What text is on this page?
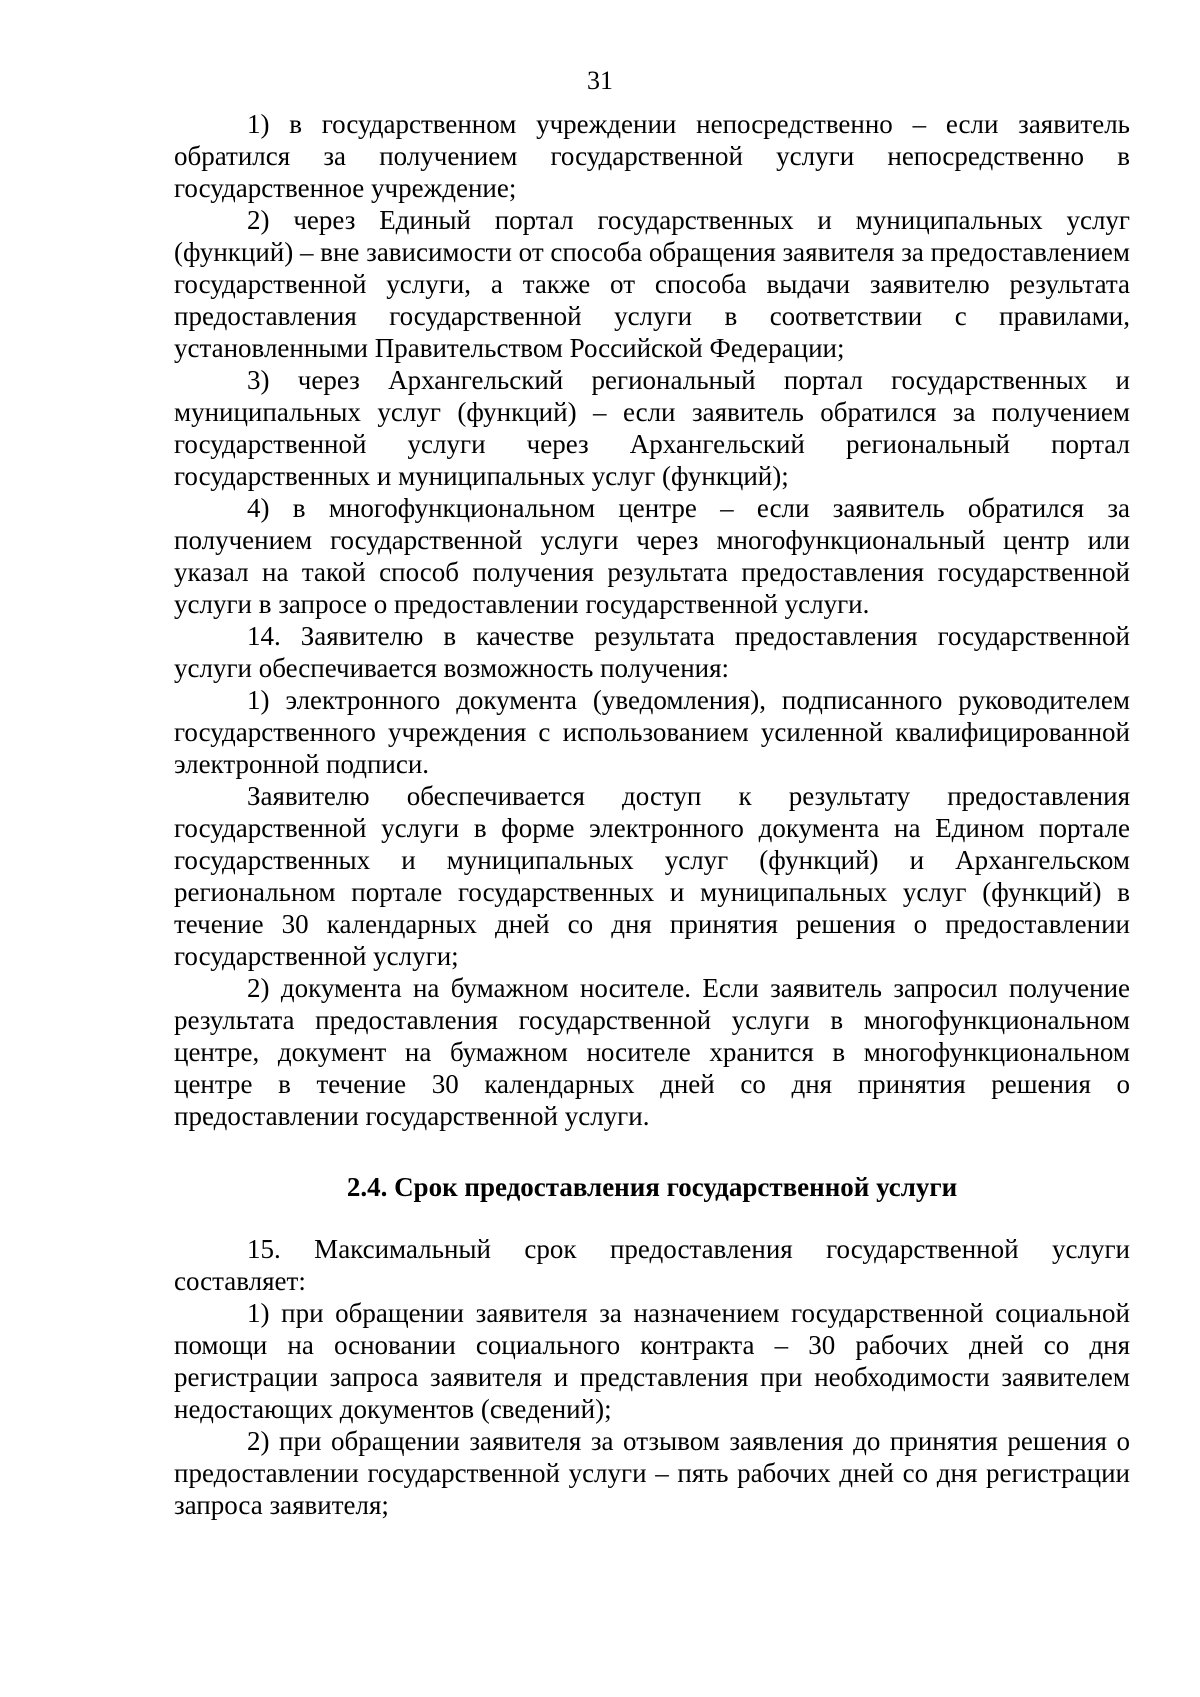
31

1) в государственном учреждении непосредственно – если заявитель обратился за получением государственной услуги непосредственно в государственное учреждение;

2) через Единый портал государственных и муниципальных услуг (функций) – вне зависимости от способа обращения заявителя за предоставлением государственной услуги, а также от способа выдачи заявителю результата предоставления государственной услуги в соответствии с правилами, установленными Правительством Российской Федерации;

3) через Архангельский региональный портал государственных и муниципальных услуг (функций) – если заявитель обратился за получением государственной услуги через Архангельский региональный портал государственных и муниципальных услуг (функций);

4) в многофункциональном центре – если заявитель обратился за получением государственной услуги через многофункциональный центр или указал на такой способ получения результата предоставления государственной услуги в запросе о предоставлении государственной услуги.

14. Заявителю в качестве результата предоставления государственной услуги обеспечивается возможность получения:

1) электронного документа (уведомления), подписанного руководителем государственного учреждения с использованием усиленной квалифицированной электронной подписи.

Заявителю обеспечивается доступ к результату предоставления государственной услуги в форме электронного документа на Едином портале государственных и муниципальных услуг (функций) и Архангельском региональном портале государственных и муниципальных услуг (функций) в течение 30 календарных дней со дня принятия решения о предоставлении государственной услуги;

2) документа на бумажном носителе. Если заявитель запросил получение результата предоставления государственной услуги в многофункциональном центре, документ на бумажном носителе хранится в многофункциональном центре в течение 30 календарных дней со дня принятия решения о предоставлении государственной услуги.

2.4. Срок предоставления государственной услуги

15. Максимальный срок предоставления государственной услуги составляет:

1) при обращении заявителя за назначением государственной социальной помощи на основании социального контракта – 30 рабочих дней со дня регистрации запроса заявителя и представления при необходимости заявителем недостающих документов (сведений);

2) при обращении заявителя за отзывом заявления до принятия решения о предоставлении государственной услуги – пять рабочих дней со дня регистрации запроса заявителя;
